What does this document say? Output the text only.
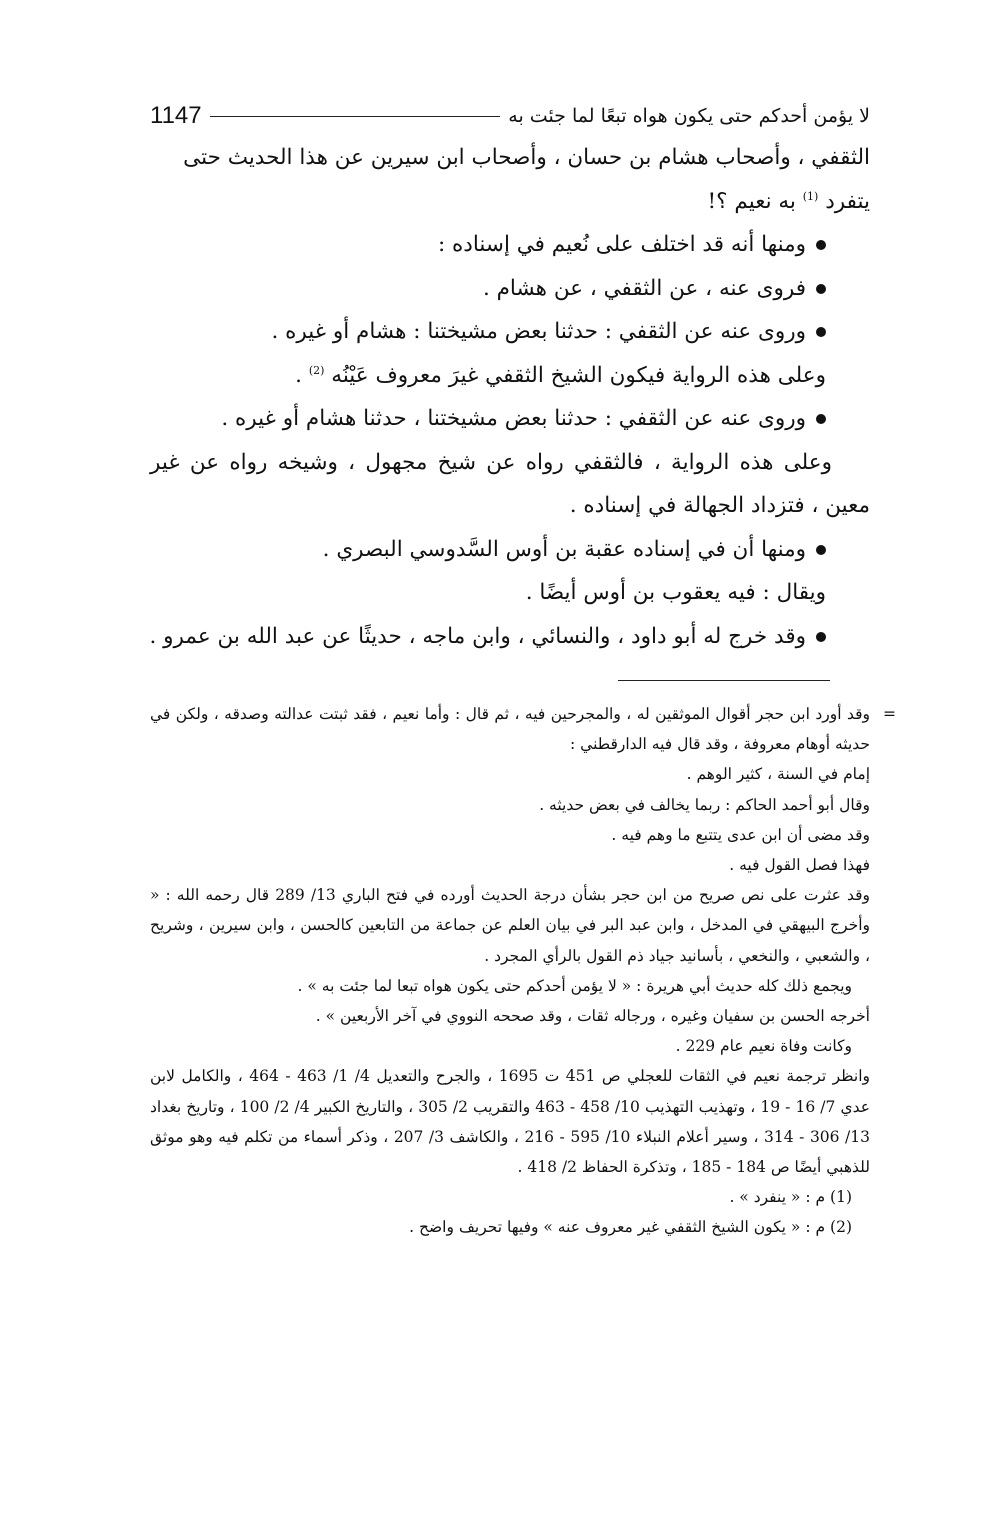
لا يؤمن أحدكم حتى يكون هواه تبعًا لما جئت به
1147
الثقفي ، وأصحاب هشام بن حسان ، وأصحاب ابن سيرين عن هذا الحديث حتى
يتفرد $^{(1)}$ به نعيم ؟!
ومنها أنه قد اختلف على نُعيم في إسناده :
فروى عنه ، عن الثقفي ، عن هشام .
وروى عنه عن الثقفي : حدثنا بعض مشيختنا : هشام أو غيره .
وعلى هذه الرواية فيكون الشيخ الثقفي غيرَ معروف عَيْنُه $^{(2)}$ .
وروى عنه عن الثقفي : حدثنا بعض مشيختنا ، حدثنا هشام أو غيره .
وعلى هذه الرواية ، فالثقفي رواه عن شيخ مجهول ، وشيخه رواه عن غير معين ، فتزداد الجهالة في إسناده .
ومنها أن في إسناده عقبة بن أوس السَّدوسي البصري .
ويقال : فيه يعقوب بن أوس أيضًا .
وقد خرج له أبو داود ، والنسائي ، وابن ماجه ، حديثًا عن عبد الله بن عمرو .
=
وقد أورد ابن حجر أقوال الموثقين له ، والمجرحين فيه ، ثم قال : وأما نعيم ، فقد ثبتت عدالته وصدقه ، ولكن في حديثه أوهام معروفة ، وقد قال فيه الدارقطني :
إمام في السنة ، كثير الوهم .
وقال أبو أحمد الحاكم : ربما يخالف في بعض حديثه .
وقد مضى أن ابن عدى يتتبع ما وهم فيه .
فهذا فصل القول فيه .
وقد عثرت على نص صريح من ابن حجر بشأن درجة الحديث أورده في فتح الباري 13/ 289 قال رحمه الله : « وأخرج البيهقي في المدخل ، وابن عبد البر في بيان العلم عن جماعة من التابعين كالحسن ، وابن سيرين ، وشريح ، والشعبي ، والنخعي ، بأسانيد جياد ذم القول بالرأي المجرد .
ويجمع ذلك كله حديث أبي هريرة : « لا يؤمن أحدكم حتى يكون هواه تبعا لما جئت به » .
أخرجه الحسن بن سفيان وغيره ، ورجاله ثقات ، وقد صححه النووي في آخر الأربعين » .
وكانت وفاة نعيم عام 229 .
وانظر ترجمة نعيم في الثقات للعجلي ص 451 ت 1695 ، والجرح والتعديل 4/ 1/ 463 - 464 ، والكامل لابن عدي 7/ 16 - 19 ، وتهذيب التهذيب 10/ 458 - 463 والتقريب 2/ 305 ، والتاريخ الكبير 4/ 2/ 100 ، وتاريخ بغداد 13/ 306 - 314 ، وسير أعلام النبلاء 10/ 595 - 216 ، والكاشف 3/ 207 ، وذكر أسماء من تكلم فيه وهو موثق للذهبي أيضًا ص 184 - 185 ، وتذكرة الحفاظ 2/ 418 .
(1) م : « ينفرد » .
(2) م : « يكون الشيخ الثقفي غير معروف عنه » وفيها تحريف واضح .
